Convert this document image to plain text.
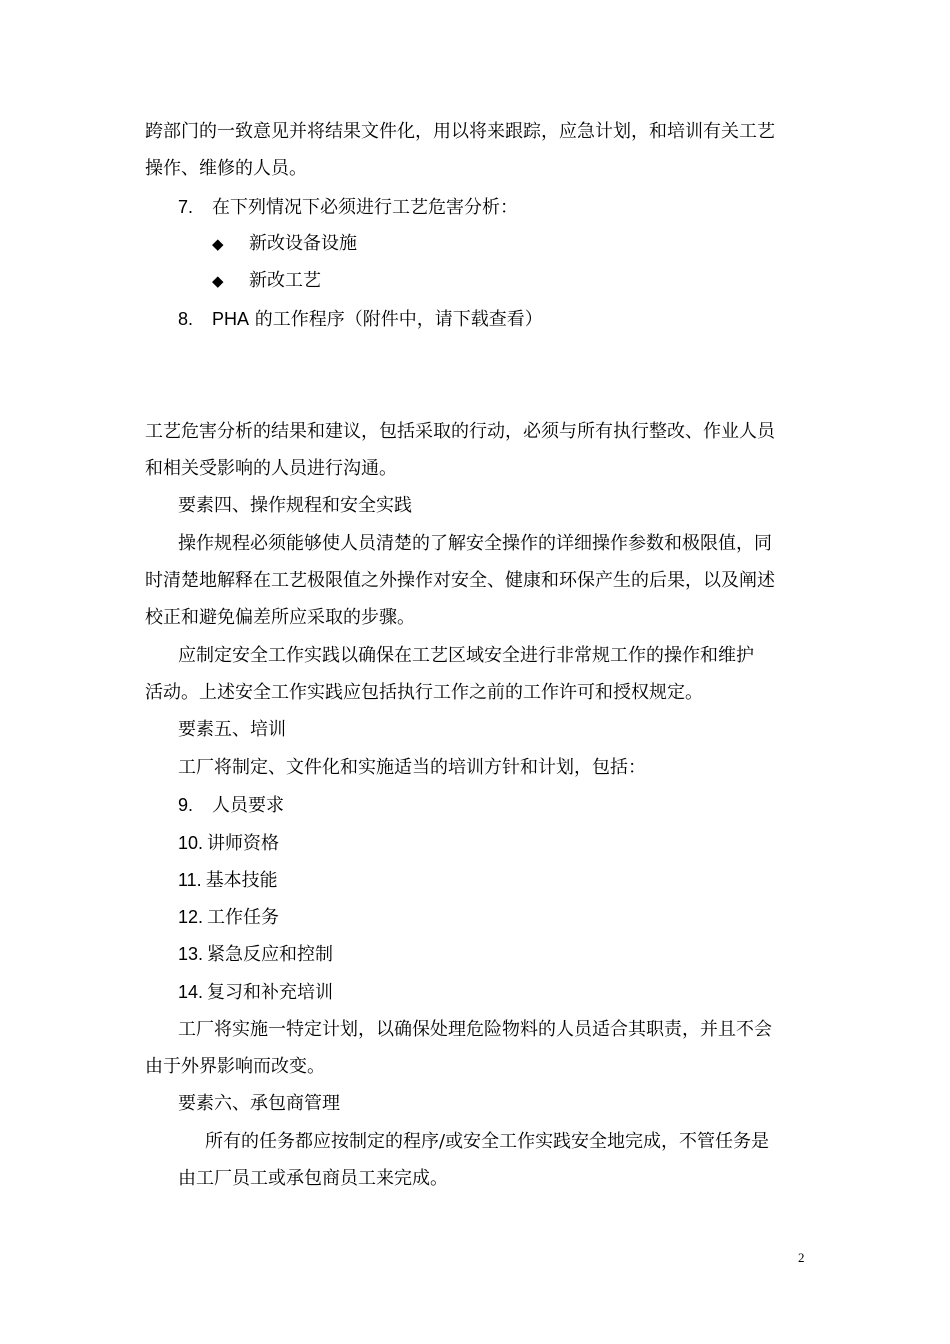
跨部门的一致意见并将结果文件化，用以将来跟踪，应急计划，和培训有关工艺
操作、维修的人员。
7. 在下列情况下必须进行工艺危害分析：
◆ 新改设备设施
◆ 新改工艺
8. PHA 的工作程序（附件中，请下载查看）
工艺危害分析的结果和建议，包括采取的行动，必须与所有执行整改、作业人员
和相关受影响的人员进行沟通。
要素四、操作规程和安全实践
操作规程必须能够使人员清楚的了解安全操作的详细操作参数和极限值，同
时清楚地解释在工艺极限值之外操作对安全、健康和环保产生的后果，以及阐述
校正和避免偏差所应采取的步骤。
应制定安全工作实践以确保在工艺区域安全进行非常规工作的操作和维护
活动。上述安全工作实践应包括执行工作之前的工作许可和授权规定。
要素五、培训
工厂将制定、文件化和实施适当的培训方针和计划，包括：
9. 人员要求
10. 讲师资格
11. 基本技能
12. 工作任务
13. 紧急反应和控制
14. 复习和补充培训
工厂将实施一特定计划，以确保处理危险物料的人员适合其职责，并且不会
由于外界影响而改变。
要素六、承包商管理
所有的任务都应按制定的程序/或安全工作实践安全地完成，不管任务是
由工厂员工或承包商员工来完成。
2
